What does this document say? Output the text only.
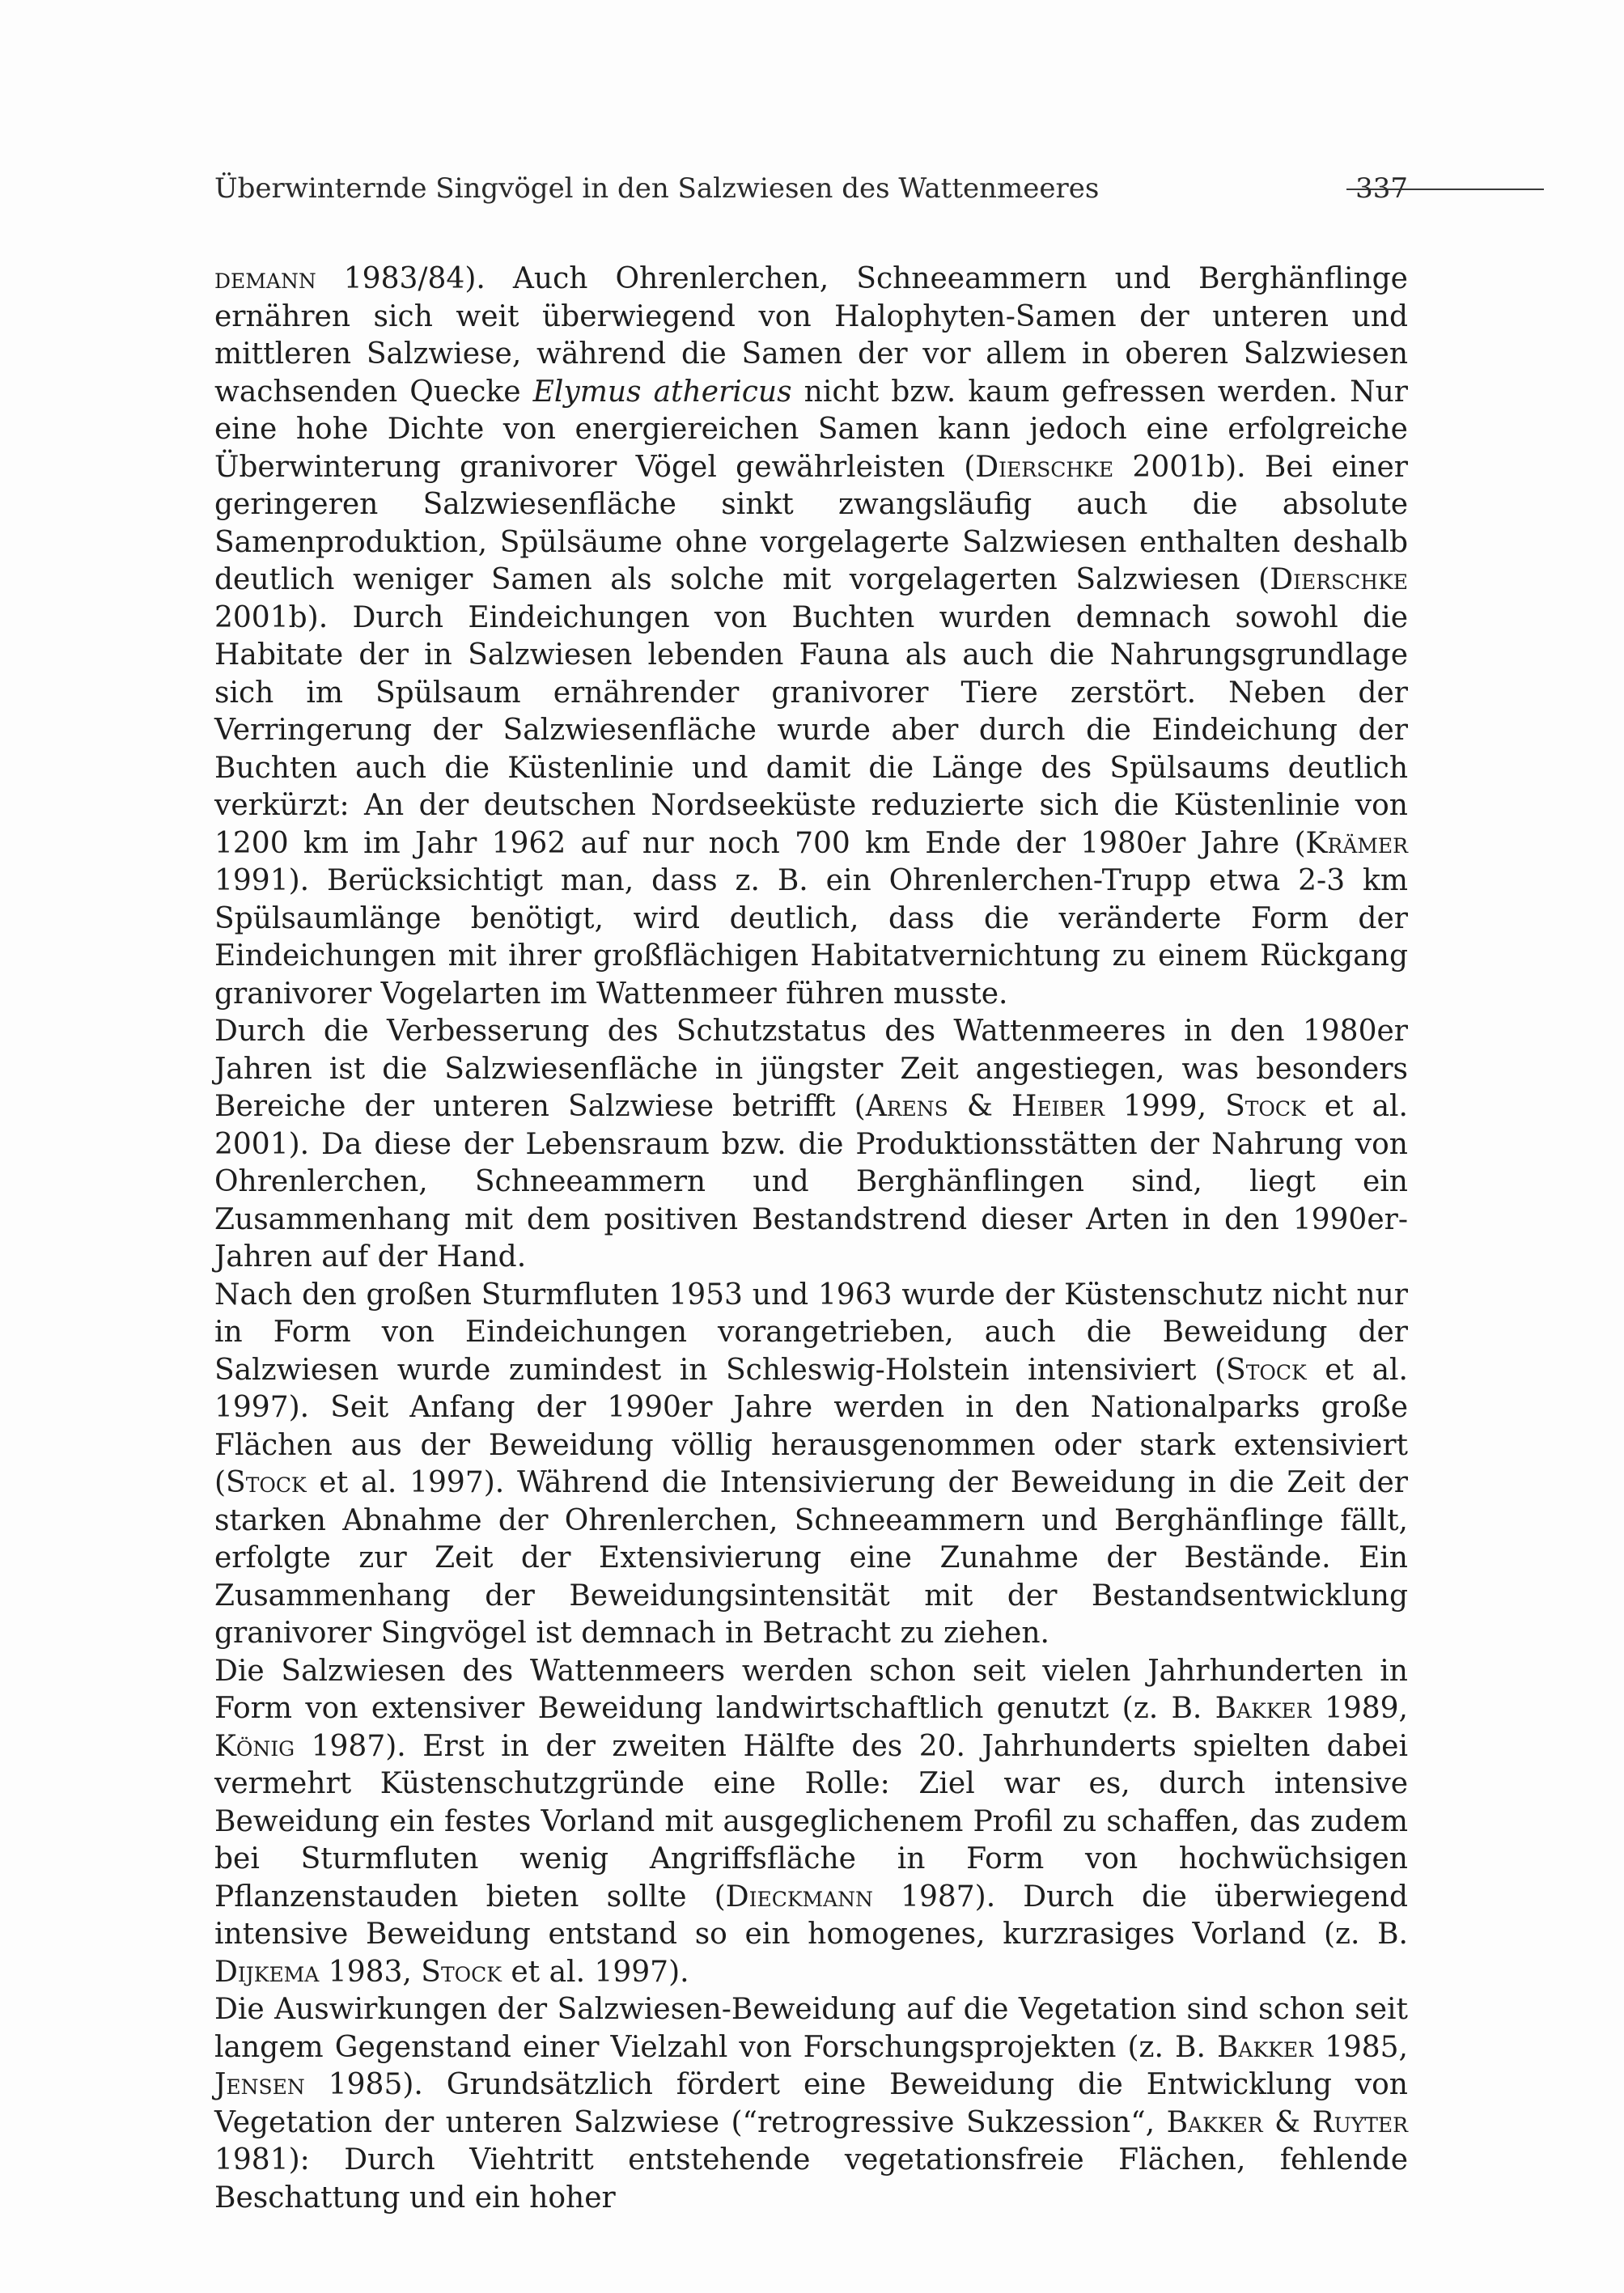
Überwinternde Singvögel in den Salzwiesen des Wattenmeeres	337

demann 1983/84). Auch Ohrenlerchen, Schneeammern und Berghänflinge ernähren sich weit überwiegend von Halophyten-Samen der unteren und mittleren Salzwiese, während die Samen der vor allem in oberen Salzwiesen wachsenden Quecke Elymus athericus nicht bzw. kaum gefressen werden. Nur eine hohe Dichte von energiereichen Samen kann jedoch eine erfolgreiche Überwinterung granivorer Vögel gewährleisten (Dierschke 2001b). Bei einer geringeren Salzwiesenfläche sinkt zwangsläufig auch die absolute Samenproduktion, Spülsäume ohne vorgelagerte Salzwiesen enthalten deshalb deutlich weniger Samen als solche mit vorgelagerten Salzwiesen (Dierschke 2001b). Durch Eindeichungen von Buchten wurden demnach sowohl die Habitate der in Salzwiesen lebenden Fauna als auch die Nahrungsgrundlage sich im Spülsaum ernährender granivorer Tiere zerstört. Neben der Verringerung der Salzwiesenfläche wurde aber durch die Eindeichung der Buchten auch die Küstenlinie und damit die Länge des Spülsaums deutlich verkürzt: An der deutschen Nordseeküste reduzierte sich die Küstenlinie von 1200 km im Jahr 1962 auf nur noch 700 km Ende der 1980er Jahre (Krämer 1991). Berücksichtigt man, dass z. B. ein Ohrenlerchen-Trupp etwa 2-3 km Spülsaumlänge benötigt, wird deutlich, dass die veränderte Form der Eindeichungen mit ihrer großflächigen Habitatvernichtung zu einem Rückgang granivorer Vogelarten im Wattenmeer führen musste.

Durch die Verbesserung des Schutzstatus des Wattenmeeres in den 1980er Jahren ist die Salzwiesenfläche in jüngster Zeit angestiegen, was besonders Bereiche der unteren Salzwiese betrifft (Arens & Heiber 1999, Stock et al. 2001). Da diese der Lebensraum bzw. die Produktionsstätten der Nahrung von Ohrenlerchen, Schneeammern und Berghänflingen sind, liegt ein Zusammenhang mit dem positiven Bestandstrend dieser Arten in den 1990er-Jahren auf der Hand.

Nach den großen Sturmfluten 1953 und 1963 wurde der Küstenschutz nicht nur in Form von Eindeichungen vorangetrieben, auch die Beweidung der Salzwiesen wurde zumindest in Schleswig-Holstein intensiviert (Stock et al. 1997). Seit Anfang der 1990er Jahre werden in den Nationalparks große Flächen aus der Beweidung völlig herausgenommen oder stark extensiviert (Stock et al. 1997). Während die Intensivierung der Beweidung in die Zeit der starken Abnahme der Ohrenlerchen, Schneeammern und Berghänflinge fällt, erfolgte zur Zeit der Extensivierung eine Zunahme der Bestände. Ein Zusammenhang der Beweidungsintensität mit der Bestandsentwicklung granivorer Singvögel ist demnach in Betracht zu ziehen.

Die Salzwiesen des Wattenmeers werden schon seit vielen Jahrhunderten in Form von extensiver Beweidung landwirtschaftlich genutzt (z. B. Bakker 1989, König 1987). Erst in der zweiten Hälfte des 20. Jahrhunderts spielten dabei vermehrt Küstenschutzgründe eine Rolle: Ziel war es, durch intensive Beweidung ein festes Vorland mit ausgeglichenem Profil zu schaffen, das zudem bei Sturmfluten wenig Angriffsfläche in Form von hochwüchsigen Pflanzenstauden bieten sollte (Dieckmann 1987). Durch die überwiegend intensive Beweidung entstand so ein homogenes, kurzrasiges Vorland (z. B. Dijkema 1983, Stock et al. 1997).

Die Auswirkungen der Salzwiesen-Beweidung auf die Vegetation sind schon seit langem Gegenstand einer Vielzahl von Forschungsprojekten (z. B. Bakker 1985, Jensen 1985). Grundsätzlich fördert eine Beweidung die Entwicklung von Vegetation der unteren Salzwiese (“retrogressive Sukzession“, Bakker & Ruyter 1981): Durch Viehtritt entstehende vegetationsfreie Flächen, fehlende Beschattung und ein hoher
